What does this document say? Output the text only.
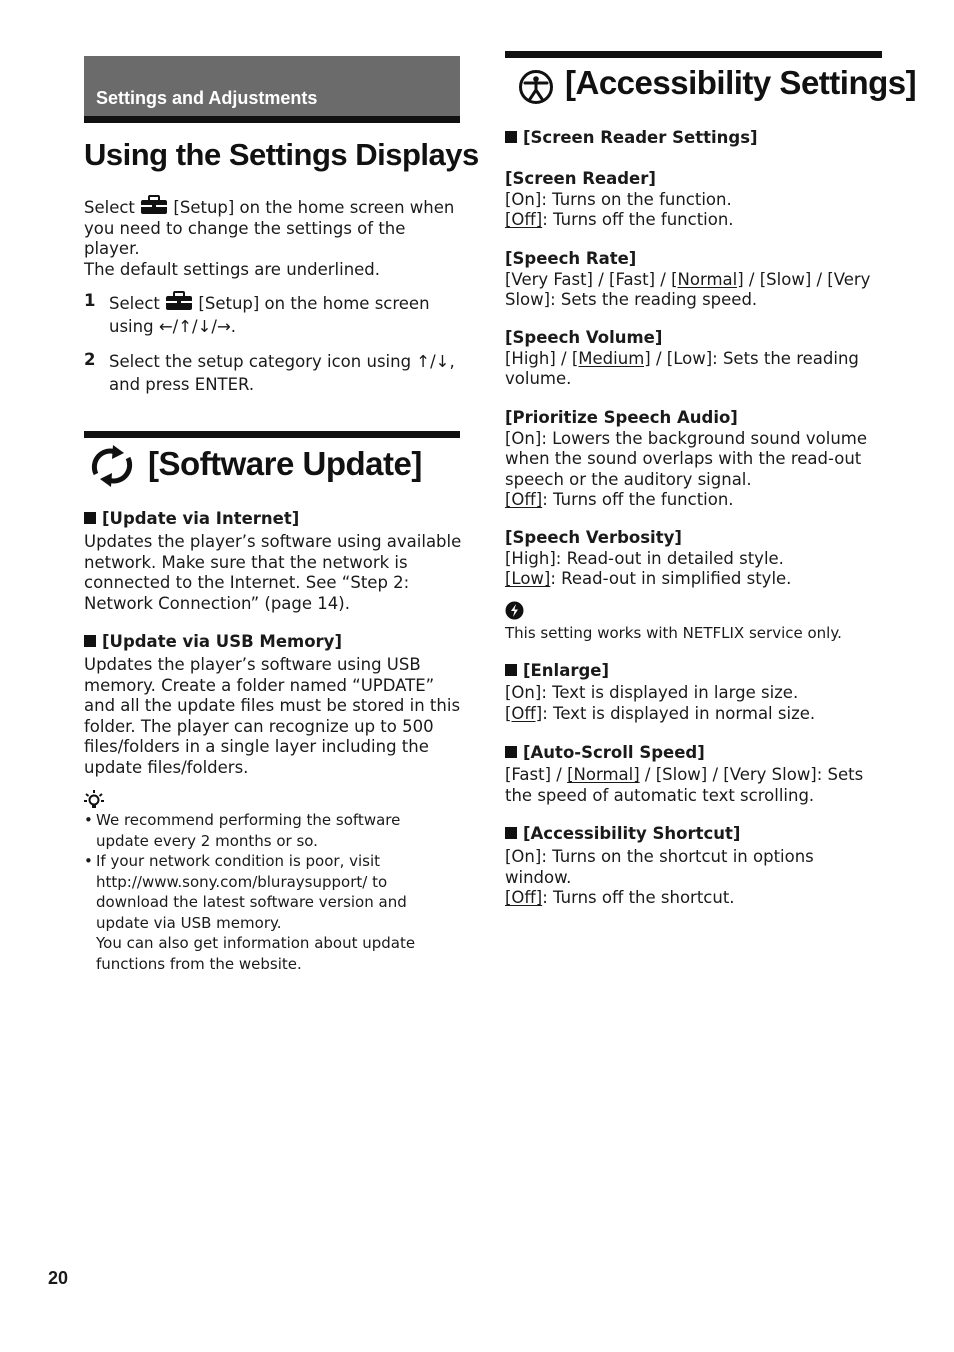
Settings and Adjustments
Using the Settings Displays

Select [Setup] on the home screen when
you need to change the settings of the
player.
The default settings are underlined.

1 Select [Setup] on the home screen
using ←/↑/↓/→.

2 Select the setup category icon using ↑/↓,
and press ENTER.

[Software Update]

[Update via Internet]

Updates the player’s software using available
network. Make sure that the network is
connected to the Internet. See “Step 2:
Network Connection” (page 14).

[Update via USB Memory]

Updates the player’s software using USB
memory. Create a folder named “UPDATE”
and all the update files must be stored in this
folder. The player can recognize up to 500
files/folders in a single layer including the
update files/folders.

• We recommend performing the software
update every 2 months or so.

• If your network condition is poor, visit
http://www.sony.com/bluraysupport/ to
download the latest software version and
update via USB memory.
You can also get information about update
functions from the website.

[Accessibility Settings]

[Screen Reader Settings]

[Screen Reader]
[On]: Turns on the function.
[Off]: Turns off the function.

[Speech Rate]
[Very Fast] / [Fast] / [Normal] / [Slow] / [Very
Slow]: Sets the reading speed.

[Speech Volume]
[High] / [Medium] / [Low]: Sets the reading
volume.

[Prioritize Speech Audio]
[On]: Lowers the background sound volume
when the sound overlaps with the read-out
speech or the auditory signal.
[Off]: Turns off the function.

[Speech Verbosity]
[High]: Read-out in detailed style.
[Low]: Read-out in simplified style.

This setting works with NETFLIX service only.

[Enlarge]

[On]: Text is displayed in large size.
[Off]: Text is displayed in normal size.

[Auto-Scroll Speed]

[Fast] / [Normal] / [Slow] / [Very Slow]: Sets
the speed of automatic text scrolling.

[Accessibility Shortcut]

[On]: Turns on the shortcut in options
window.
[Off]: Turns off the shortcut.

20
